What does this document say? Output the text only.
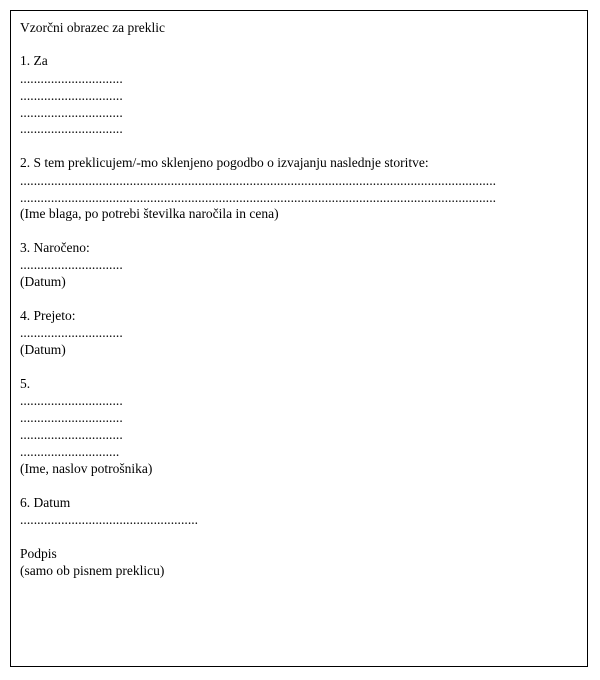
Vzorčni obrazec za preklic

1. Za

..............................

..............................

..............................

..............................

2. S tem preklicujem/-mo sklenjeno pogodbo o izvajanju naslednje storitve:

...........................................................................................................................................

...........................................................................................................................................

(Ime blaga, po potrebi številka naročila in cena)

3. Naročeno:

..............................

(Datum)

4. Prejeto:

..............................

(Datum)

5.

..............................

..............................

..............................

.............................

(Ime, naslov potrošnika)

6. Datum

....................................................

Podpis

(samo ob pisnem preklicu)
